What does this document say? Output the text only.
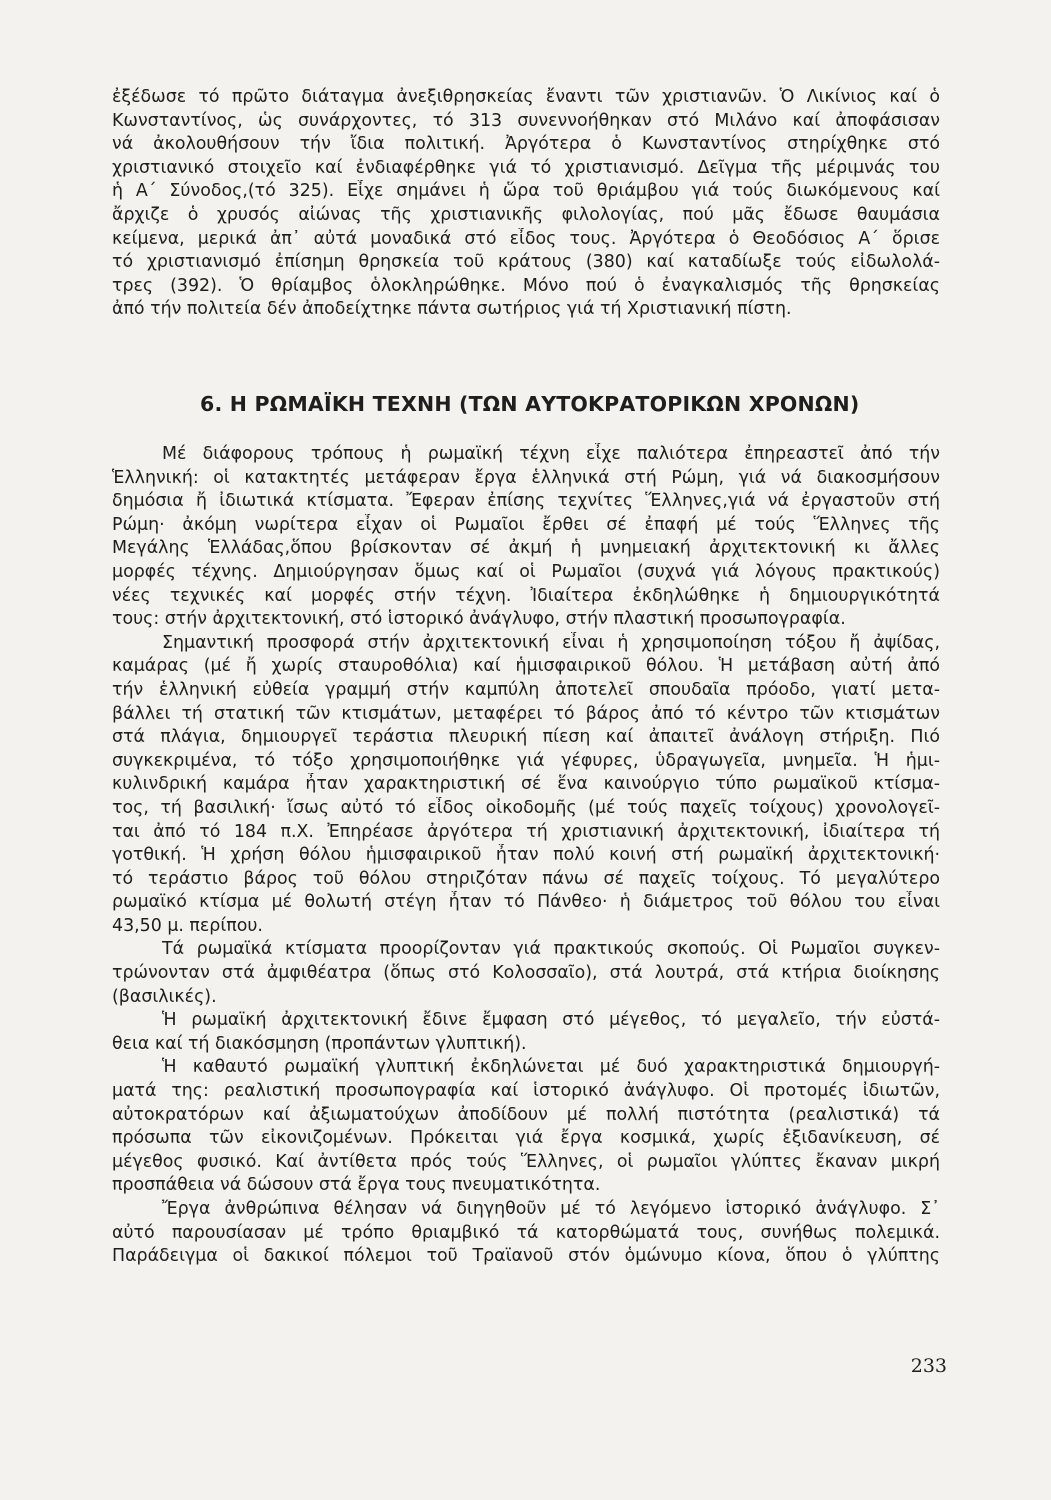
ἐξέδωσε τό πρῶτο διάταγμα ἀνεξιθρησκείας ἔναντι τῶν χριστιανῶν. Ὁ Λικίνιος καί ὁ
Κωνσταντίνος, ὡς συνάρχοντες, τό 313 συνεννοήθηκαν στό Μιλάνο καί ἀποφάσισαν
νά ἀκολουθήσουν τήν ἴδια πολιτική. Ἀργότερα ὁ Κωνσταντίνος στηρίχθηκε στό
χριστιανικό στοιχεῖο καί ἐνδιαφέρθηκε γιά τό χριστιανισμό. Δεῖγμα τῆς μέριμνάς του
ἡ Α΄ Σύνοδος,(τό 325). Εἶχε σημάνει ἡ ὥρα τοῦ θριάμβου γιά τούς διωκόμενους καί
ἄρχιζε ὁ χρυσός αἰώνας τῆς χριστιανικῆς φιλολογίας, πού μᾶς ἔδωσε θαυμάσια
κείμενα, μερικά ἀπ᾽ αὐτά μοναδικά στό εἶδος τους. Ἀργότερα ὁ Θεοδόσιος Α΄ ὅρισε
τό χριστιανισμό ἐπίσημη θρησκεία τοῦ κράτους (380) καί καταδίωξε τούς εἰδωλολά-
τρες (392). Ὁ θρίαμβος ὁλοκληρώθηκε. Μόνο πού ὁ ἐναγκαλισμός τῆς θρησκείας
ἀπό τήν πολιτεία δέν ἀποδείχτηκε πάντα σωτήριος γιά τή Χριστιανική πίστη.
6. Η ΡΩΜΑΪΚΗ ΤΕΧΝΗ (ΤΩΝ ΑΥΤΟΚΡΑΤΟΡΙΚΩΝ ΧΡΟΝΩΝ)
Μέ διάφορους τρόπους ἡ ρωμαϊκή τέχνη εἶχε παλιότερα ἐπηρεαστεῖ ἀπό τήν
Ἑλληνική: οἱ κατακτητές μετάφεραν ἔργα ἑλληνικά στή Ρώμη, γιά νά διακοσμήσουν
δημόσια ἤ ἰδιωτικά κτίσματα. Ἔφεραν ἐπίσης τεχνίτες Ἕλληνες,γιά νά ἐργαστοῦν στή
Ρώμη· ἀκόμη νωρίτερα εἶχαν οἱ Ρωμαῖοι ἔρθει σέ ἐπαφή μέ τούς Ἕλληνες τῆς
Μεγάλης Ἑλλάδας,ὅπου βρίσκονταν σέ ἀκμή ἡ μνημειακή ἀρχιτεκτονική κι ἄλλες
μορφές τέχνης. Δημιούργησαν ὅμως καί οἱ Ρωμαῖοι (συχνά γιά λόγους πρακτικούς)
νέες τεχνικές καί μορφές στήν τέχνη. Ἰδιαίτερα ἐκδηλώθηκε ἡ δημιουργικότητά
τους: στήν ἀρχιτεκτονική, στό ἱστορικό ἀνάγλυφο, στήν πλαστική προσωπογραφία.
Σημαντική προσφορά στήν ἀρχιτεκτονική εἶναι ἡ χρησιμοποίηση τόξου ἤ ἀψίδας,
καμάρας (μέ ἤ χωρίς σταυροθόλια) καί ἡμισφαιρικοῦ θόλου. Ἡ μετάβαση αὐτή ἀπό
τήν ἑλληνική εὐθεία γραμμή στήν καμπύλη ἀποτελεῖ σπουδαῖα πρόοδο, γιατί μετα-
βάλλει τή στατική τῶν κτισμάτων, μεταφέρει τό βάρος ἀπό τό κέντρο τῶν κτισμάτων
στά πλάγια, δημιουργεῖ τεράστια πλευρική πίεση καί ἀπαιτεῖ ἀνάλογη στήριξη. Πιό
συγκεκριμένα, τό τόξο χρησιμοποιήθηκε γιά γέφυρες, ὑδραγωγεῖα, μνημεῖα. Ἡ ἡμι-
κυλινδρική καμάρα ἦταν χαρακτηριστική σέ ἕνα καινούργιο τύπο ρωμαϊκοῦ κτίσμα-
τος, τή βασιλική· ἴσως αὐτό τό εἶδος οἰκοδομῆς (μέ τούς παχεῖς τοίχους) χρονολογεῖ-
ται ἀπό τό 184 π.Χ. Ἐπηρέασε ἀργότερα τή χριστιανική ἀρχιτεκτονική, ἰδιαίτερα τή
γοτθική. Ἡ χρήση θόλου ἡμισφαιρικοῦ ἦταν πολύ κοινή στή ρωμαϊκή ἀρχιτεκτονική·
τό τεράστιο βάρος τοῦ θόλου στηριζόταν πάνω σέ παχεῖς τοίχους. Τό μεγαλύτερο
ρωμαϊκό κτίσμα μέ θολωτή στέγη ἦταν τό Πάνθεο· ἡ διάμετρος τοῦ θόλου του εἶναι
43,50 μ. περίπου.
Τά ρωμαϊκά κτίσματα προορίζονταν γιά πρακτικούς σκοπούς. Οἱ Ρωμαῖοι συγκεν-
τρώνονταν στά ἀμφιθέατρα (ὅπως στό Κολοσσαῖο), στά λουτρά, στά κτήρια διοίκησης
(βασιλικές).
Ἡ ρωμαϊκή ἀρχιτεκτονική ἔδινε ἔμφαση στό μέγεθος, τό μεγαλεῖο, τήν εὐστά-
θεια καί τή διακόσμηση (προπάντων γλυπτική).
Ἡ καθαυτό ρωμαϊκή γλυπτική ἐκδηλώνεται μέ δυό χαρακτηριστικά δημιουργή-
ματά της: ρεαλιστική προσωπογραφία καί ἱστορικό ἀνάγλυφο. Οἱ προτομές ἰδιωτῶν,
αὐτοκρατόρων καί ἀξιωματούχων ἀποδίδουν μέ πολλή πιστότητα (ρεαλιστικά) τά
πρόσωπα τῶν εἰκονιζομένων. Πρόκειται γιά ἔργα κοσμικά, χωρίς ἐξιδανίκευση, σέ
μέγεθος φυσικό. Καί ἀντίθετα πρός τούς Ἕλληνες, οἱ ρωμαῖοι γλύπτες ἔκαναν μικρή
προσπάθεια νά δώσουν στά ἔργα τους πνευματικότητα.
Ἔργα ἀνθρώπινα θέλησαν νά διηγηθοῦν μέ τό λεγόμενο ἱστορικό ἀνάγλυφο. Σ᾽
αὐτό παρουσίασαν μέ τρόπο θριαμβικό τά κατορθώματά τους, συνήθως πολεμικά.
Παράδειγμα οἱ δακικοί πόλεμοι τοῦ Τραϊανοῦ στόν ὁμώνυμο κίονα, ὅπου ὁ γλύπτης
233
